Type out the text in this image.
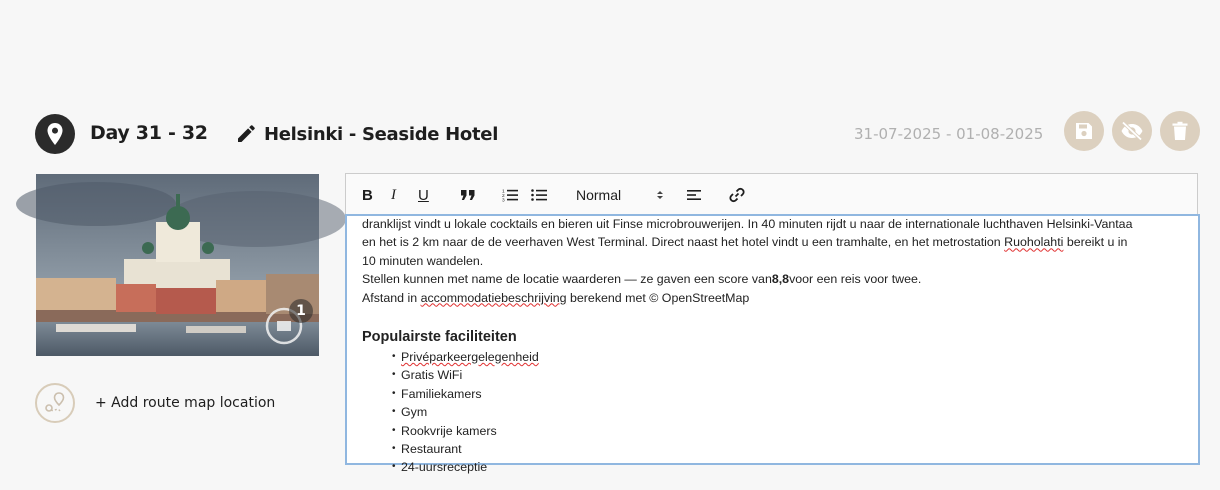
Day 31 - 32	Helsinki - Seaside Hotel	31-07-2025 - 01-08-2025
1
+ Add route map location
B I U	1
2
3	Normal

dranklijst vindt u lokale cocktails en bieren uit Finse microbrouwerijen. In 40 minuten rijdt u naar de internationale luchthaven Helsinki-Vantaa

en het is 2 km naar de de veerhaven West Terminal. Direct naast het hotel vindt u een tramhalte, en het metrostation Ruoholahti bereikt u in

10 minuten wandelen.

Stellen kunnen met name de locatie waarderen — ze gaven een score van8,8voor een reis voor twee.

Afstand in accommodatiebeschrijving berekend met © OpenStreetMap

Populairste faciliteiten
• Privéparkeergelegenheid
• Gratis WiFi
• Familiekamers
• Gym
• Rookvrije kamers
• Restaurant
• 24-uursreceptie
